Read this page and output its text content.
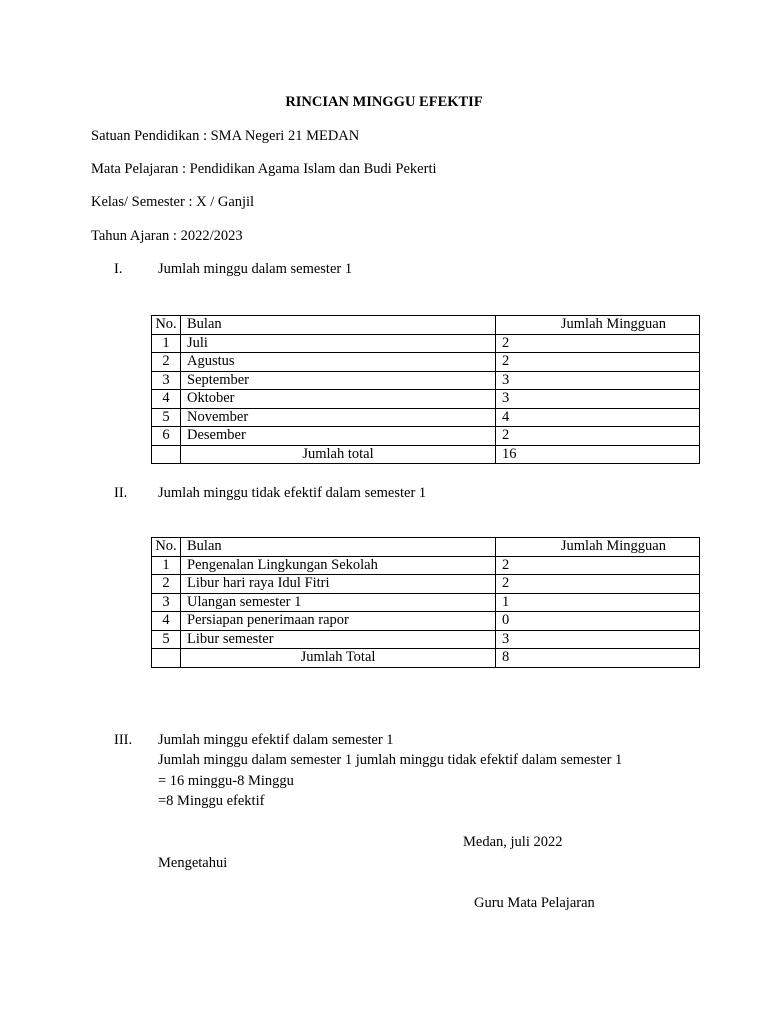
RINCIAN MINGGU EFEKTIF
Satuan Pendidikan : SMA Negeri 21 MEDAN
Mata Pelajaran : Pendidikan Agama Islam dan Budi Pekerti
Kelas/ Semester : X / Ganjil
Tahun Ajaran : 2022/2023
I. Jumlah minggu dalam semester 1
No.	Bulan	Jumlah Mingguan
1	Juli	2
2	Agustus	2
3	September	3
4	Oktober	3
5	November	4
6	Desember	2
	Jumlah total	16
II. Jumlah minggu tidak efektif dalam semester 1
No.	Bulan	Jumlah Mingguan
1	Pengenalan Lingkungan Sekolah	2
2	Libur hari raya Idul Fitri	2
3	Ulangan semester 1	1
4	Persiapan penerimaan rapor	0
5	Libur semester	3
	Jumlah Total	8
III. Jumlah minggu efektif dalam semester 1
Jumlah minggu dalam semester 1 jumlah minggu tidak efektif dalam semester 1
= 16 minggu-8 Minggu
=8 Minggu efektif
Medan, juli 2022
Mengetahui
Guru Mata Pelajaran
